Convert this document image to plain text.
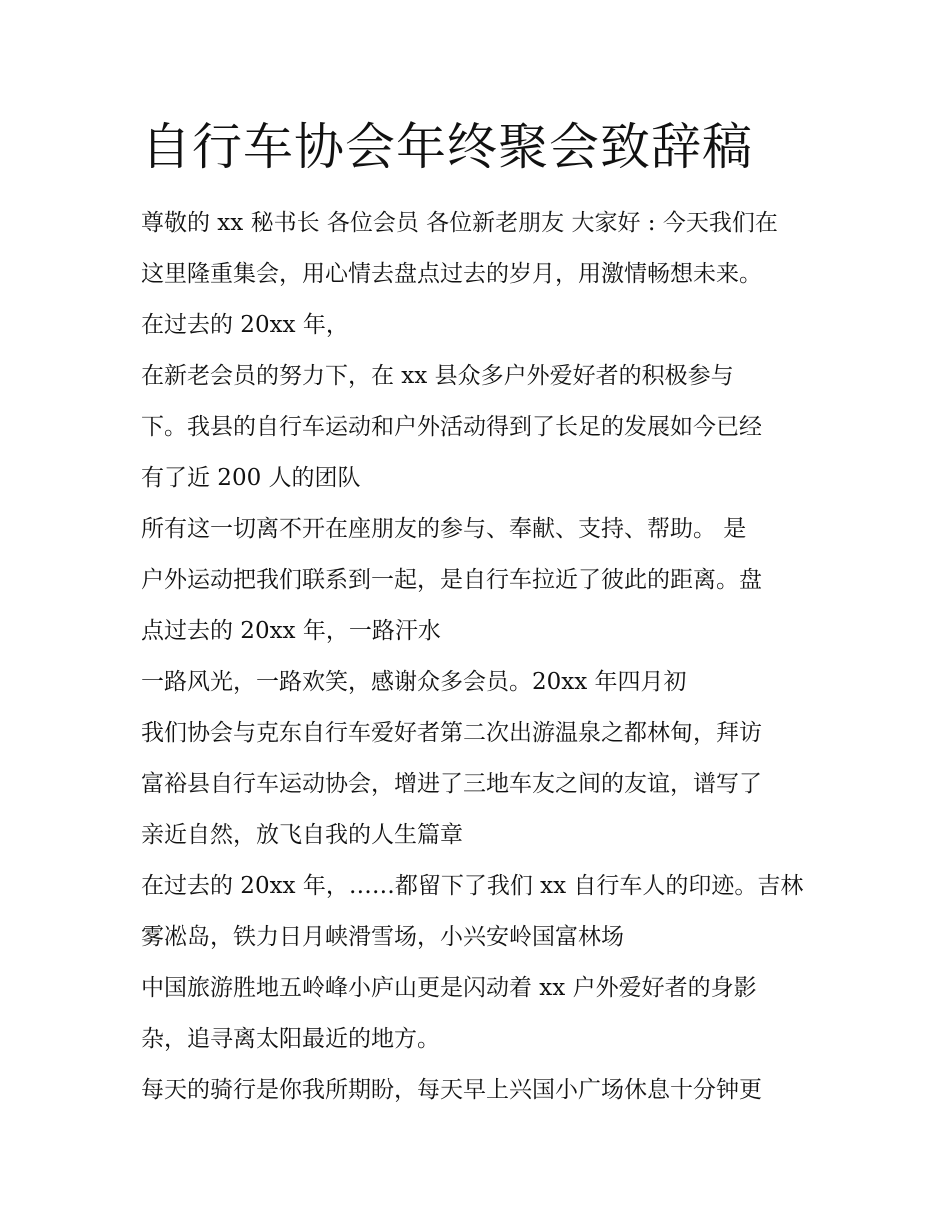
自行车协会年终聚会致辞稿
尊敬的 xx 秘书长 各位会员 各位新老朋友 大家好 : 今天我们在
这里隆重集会，用心情去盘点过去的岁月，用激情畅想未来。
在过去的 20xx 年，
在新老会员的努力下，在 xx 县众多户外爱好者的积极参与
下。我县的自行车运动和户外活动得到了长足的发展如今已经
有了近 200 人的团队
所有这一切离不开在座朋友的参与、奉献、支持、帮助。 是
户外运动把我们联系到一起，是自行车拉近了彼此的距离。盘
点过去的 20xx 年，一路汗水
一路风光，一路欢笑，感谢众多会员。20xx 年四月初
我们协会与克东自行车爱好者第二次出游温泉之都林甸，拜访
富裕县自行车运动协会，增进了三地车友之间的友谊，谱写了
亲近自然，放飞自我的人生篇章
在过去的 20xx 年，……都留下了我们 xx 自行车人的印迹。吉林
雾凇岛，铁力日月峡滑雪场，小兴安岭国富林场
中国旅游胜地五岭峰小庐山更是闪动着 xx 户外爱好者的身影
杂，追寻离太阳最近的地方。
每天的骑行是你我所期盼，每天早上兴国小广场休息十分钟更
